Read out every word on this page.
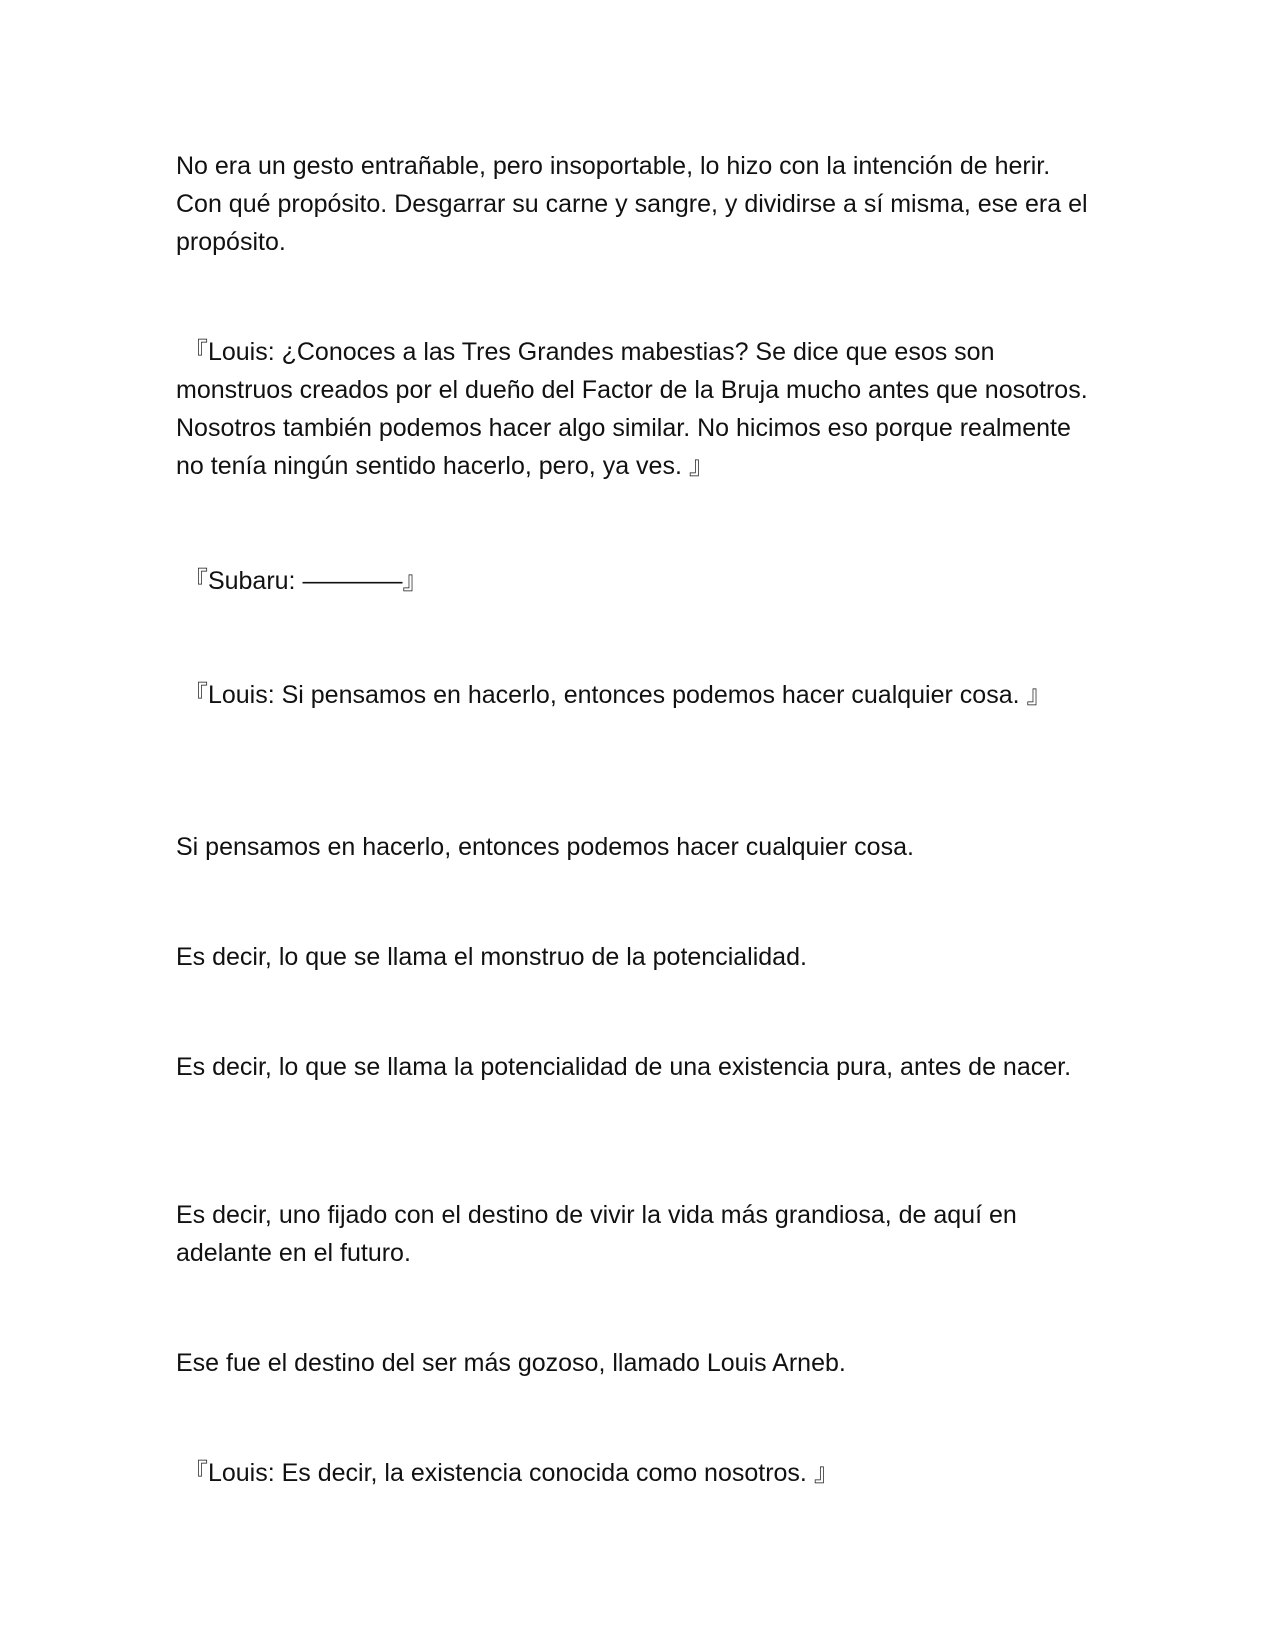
No era un gesto entrañable, pero insoportable, lo hizo con la intención de herir. Con qué propósito. Desgarrar su carne y sangre, y dividirse a sí misma, ese era el propósito.

『Louis: ¿Conoces a las Tres Grandes mabestias? Se dice que esos son monstruos creados por el dueño del Factor de la Bruja mucho antes que nosotros. Nosotros también podemos hacer algo similar. No hicimos eso porque realmente no tenía ningún sentido hacerlo, pero, ya ves. 』

『Subaru: ————』

『Louis: Si pensamos en hacerlo, entonces podemos hacer cualquier cosa. 』

Si pensamos en hacerlo, entonces podemos hacer cualquier cosa.

Es decir, lo que se llama el monstruo de la potencialidad.

Es decir, lo que se llama la potencialidad de una existencia pura, antes de nacer.

Es decir, uno fijado con el destino de vivir la vida más grandiosa, de aquí en adelante en el futuro.

Ese fue el destino del ser más gozoso, llamado Louis Arneb.

『Louis: Es decir, la existencia conocida como nosotros. 』
